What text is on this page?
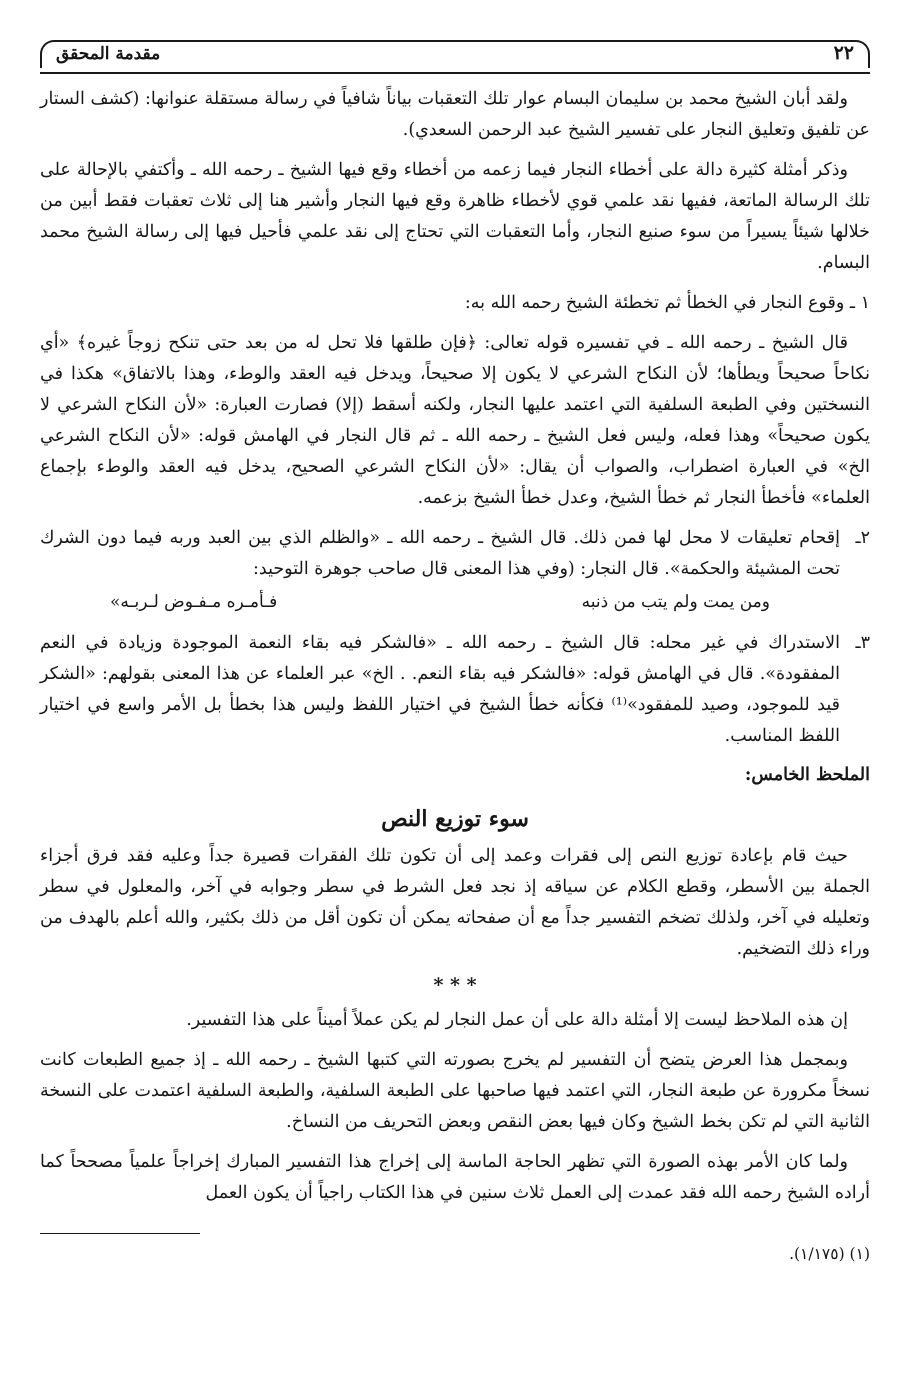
٢٢
مقدمة المحقق

ولقد أبان الشيخ محمد بن سليمان البسام عوار تلك التعقبات بياناً شافياً في رسالة مستقلة عنوانها: (كشف الستار عن تلفيق وتعليق النجار على تفسير الشيخ عبد الرحمن السعدي).

وذكر أمثلة كثيرة دالة على أخطاء النجار فيما زعمه من أخطاء وقع فيها الشيخ ـ رحمه الله ـ وأكتفي بالإحالة على تلك الرسالة الماتعة، ففيها نقد علمي قوي لأخطاء ظاهرة وقع فيها النجار وأشير هنا إلى ثلاث تعقبات فقط أبين من خلالها شيئاً يسيراً من سوء صنيع النجار، وأما التعقبات التي تحتاج إلى نقد علمي فأحيل فيها إلى رسالة الشيخ محمد البسام.

١ ـ وقوع النجار في الخطأ ثم تخطئة الشيخ رحمه الله به:

قال الشيخ ـ رحمه الله ـ في تفسيره قوله تعالى: ﴿فإن طلقها فلا تحل له من بعد حتى تنكح زوجاً غيره﴾ «أي نكاحاً صحيحاً ويطأها؛ لأن النكاح الشرعي لا يكون إلا صحيحاً، ويدخل فيه العقد والوطء، وهذا بالاتفاق» هكذا في النسختين وفي الطبعة السلفية التي اعتمد عليها النجار، ولكنه أسقط (إلا) فصارت العبارة: «لأن النكاح الشرعي لا يكون صحيحاً» وهذا فعله، وليس فعل الشيخ ـ رحمه الله ـ ثم قال النجار في الهامش قوله: «لأن النكاح الشرعي الخ» في العبارة اضطراب، والصواب أن يقال: «لأن النكاح الشرعي الصحيح، يدخل فيه العقد والوطء بإجماع العلماء» فأخطأ النجار ثم خطأ الشيخ، وعدل خطأ الشيخ بزعمه.

٢ـ

إقحام تعليقات لا محل لها فمن ذلك. قال الشيخ ـ رحمه الله ـ «والظلم الذي بين العبد وربه فيما دون الشرك تحت المشيئة والحكمة». قال النجار: (وفي هذا المعنى قال صاحب جوهرة التوحيد:

ومن يمت ولم يتب من ذنبه
فـأمـره مـفـوض لـربـه»
٣ـ

الاستدراك في غير محله: قال الشيخ ـ رحمه الله ـ «فالشكر فيه بقاء النعمة الموجودة وزيادة في النعم المفقودة». قال في الهامش قوله: «فالشكر فيه بقاء النعم. . الخ» عبر العلماء عن هذا المعنى بقولهم: «الشكر قيد للموجود، وصيد للمفقود»⁽¹⁾ فكأنه خطأ الشيخ في اختيار اللفظ وليس هذا بخطأ بل الأمر واسع في اختيار اللفظ المناسب.

الملحظ الخامس:
سوء توزيع النص

حيث قام بإعادة توزيع النص إلى فقرات وعمد إلى أن تكون تلك الفقرات قصيرة جداً وعليه فقد فرق أجزاء الجملة بين الأسطر، وقطع الكلام عن سياقه إذ نجد فعل الشرط في سطر وجوابه في آخر، والمعلول في سطر وتعليله في آخر، ولذلك تضخم التفسير جداً مع أن صفحاته يمكن أن تكون أقل من ذلك بكثير، والله أعلم بالهدف من وراء ذلك التضخيم.

* * *

إن هذه الملاحظ ليست إلا أمثلة دالة على أن عمل النجار لم يكن عملاً أميناً على هذا التفسير.

وبمجمل هذا العرض يتضح أن التفسير لم يخرج بصورته التي كتبها الشيخ ـ رحمه الله ـ إذ جميع الطبعات كانت نسخاً مكرورة عن طبعة النجار، التي اعتمد فيها صاحبها على الطبعة السلفية، والطبعة السلفية اعتمدت على النسخة الثانية التي لم تكن بخط الشيخ وكان فيها بعض النقص وبعض التحريف من النساخ.

ولما كان الأمر بهذه الصورة التي تظهر الحاجة الماسة إلى إخراج هذا التفسير المبارك إخراجاً علمياً مصححاً كما أراده الشيخ رحمه الله فقد عمدت إلى العمل ثلاث سنين في هذا الكتاب راجياً أن يكون العمل

(١) (١/١٧٥).
